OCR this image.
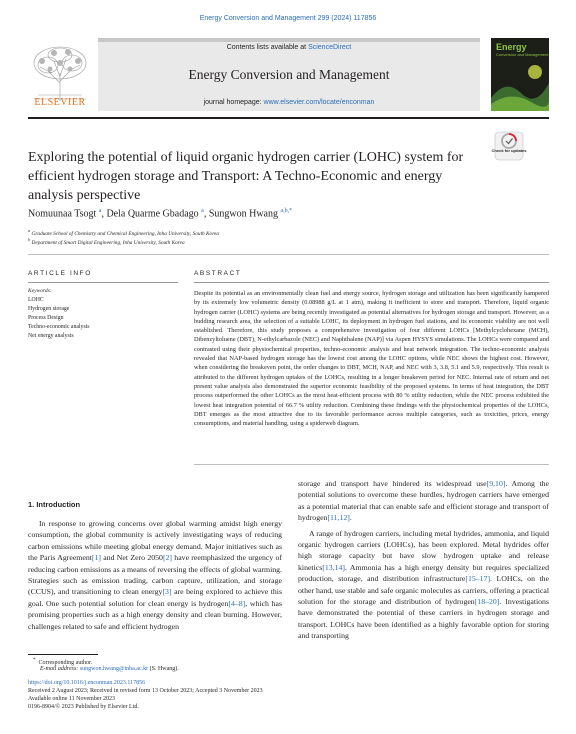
Energy Conversion and Management 299 (2024) 117856
ELSEVIER
Contents lists available at ScienceDirect
Energy Conversion and Management
journal homepage: www.elsevier.com/locate/enconman
Energy
Conversion and Management
Check for updates
Exploring the potential of liquid organic hydrogen carrier (LOHC) system for efficient hydrogen storage and Transport: A Techno-Economic and energy analysis perspective
Nomuunaa Tsogt $^a$, Dela Quarme Gbadago $^a$, Sungwon Hwang $^{a,b,*}$
$^a$ Graduate School of Chemistry and Chemical Engineering, Inha University, South Korea
$^b$ Department of Smart Digital Engineering, Inha University, South Korea
ARTICLE INFO
Keywords:
LOHC
Hydrogen storage
Process Design
Techno-economic analysis
Net energy analysis
ABSTRACT
Despite its potential as an environmentally clean fuel and energy source, hydrogen storage and utilization has been significantly hampered by its extremely low volumetric density (0.08988 g/L at 1 atm), making it inefficient to store and transport. Therefore, liquid organic hydrogen carrier (LOHC) systems are being recently investigated as potential alternatives for hydrogen storage and transport. However, as a budding research area, the selection of a suitable LOHC, its deployment in hydrogen fuel stations, and its economic viability are not well established. Therefore, this study proposes a comprehensive investigation of four different LOHCs [Methylcyclohexane (MCH), Dibenzyltoluene (DBT), N-ethylcarbazole (NEC) and Naphthalene (NAP)] via Aspen HYSYS simulations. The LOHCs were compared and contrasted using their physiochemical properties, techno-economic analysis and heat network integration. The techno-economic analysis revealed that NAP-based hydrogen storage has the lowest cost among the LOHC options, while NEC shows the highest cost. However, when considering the breakeven point, the order changes to DBT, MCH, NAP, and NEC with 3, 3.8, 5.1 and 5.9, respectively. This result is attributed to the different hydrogen uptakes of the LOHCs, resulting in a longer breakeven period for NEC. Internal rate of return and net present value analysis also demonstrated the superior economic feasibility of the proposed systems. In terms of heat integration, the DBT process outperformed the other LOHCs as the most heat-efficient process with 80 % utility reduction, while the NEC process exhibited the lowest heat integration potential of 66.7 % utility reduction. Combining these findings with the physiochemical properties of the LOHCs, DBT emerges as the most attractive due to its favorable performance across multiple categories, such as toxicities, prices, energy consumptions, and material handling, using a spiderweb diagram.
1. Introduction

In response to growing concerns over global warming amidst high energy consumption, the global community is actively investigating ways of reducing carbon emissions while meeting global energy demand. Major initiatives such as the Paris Agreement[1] and Net Zero 2050[2] have reemphasized the urgency of reducing carbon emissions as a means of reversing the effects of global warming. Strategies such as emission trading, carbon capture, utilization, and storage (CCUS), and transitioning to clean energy[3] are being explored to achieve this goal. One such potential solution for clean energy is hydrogen[4–8], which has promising properties such as a high energy density and clean burning. However, challenges related to safe and efficient hydrogen

storage and transport have hindered its widespread use[9,10]. Among the potential solutions to overcome these hurdles, hydrogen carriers have emerged as a potential material that can enable safe and efficient storage and transport of hydrogen[11,12].

A range of hydrogen carriers, including metal hydrides, ammonia, and liquid organic hydrogen carriers (LOHCs), has been explored. Metal hydrides offer high storage capacity but have slow hydrogen uptake and release kinetics[13,14]. Ammonia has a high energy density but requires specialized production, storage, and distribution infrastructure[15–17]. LOHCs, on the other hand, use stable and safe organic molecules as carriers, offering a practical solution for the storage and distribution of hydrogen[18–20]. Investigations have demonstrated the potential of these carriers in hydrogen storage and transport. LOHCs have been identified as a highly favorable option for storing and transporting

* Corresponding author.
E-mail address: sungwon.hwang@inha.ac.kr (S. Hwang).
https://doi.org/10.1016/j.enconman.2023.117856
Received 2 August 2023; Received in revised form 13 October 2023; Accepted 3 November 2023
Available online 11 November 2023
0196-8904/© 2023 Published by Elsevier Ltd.
